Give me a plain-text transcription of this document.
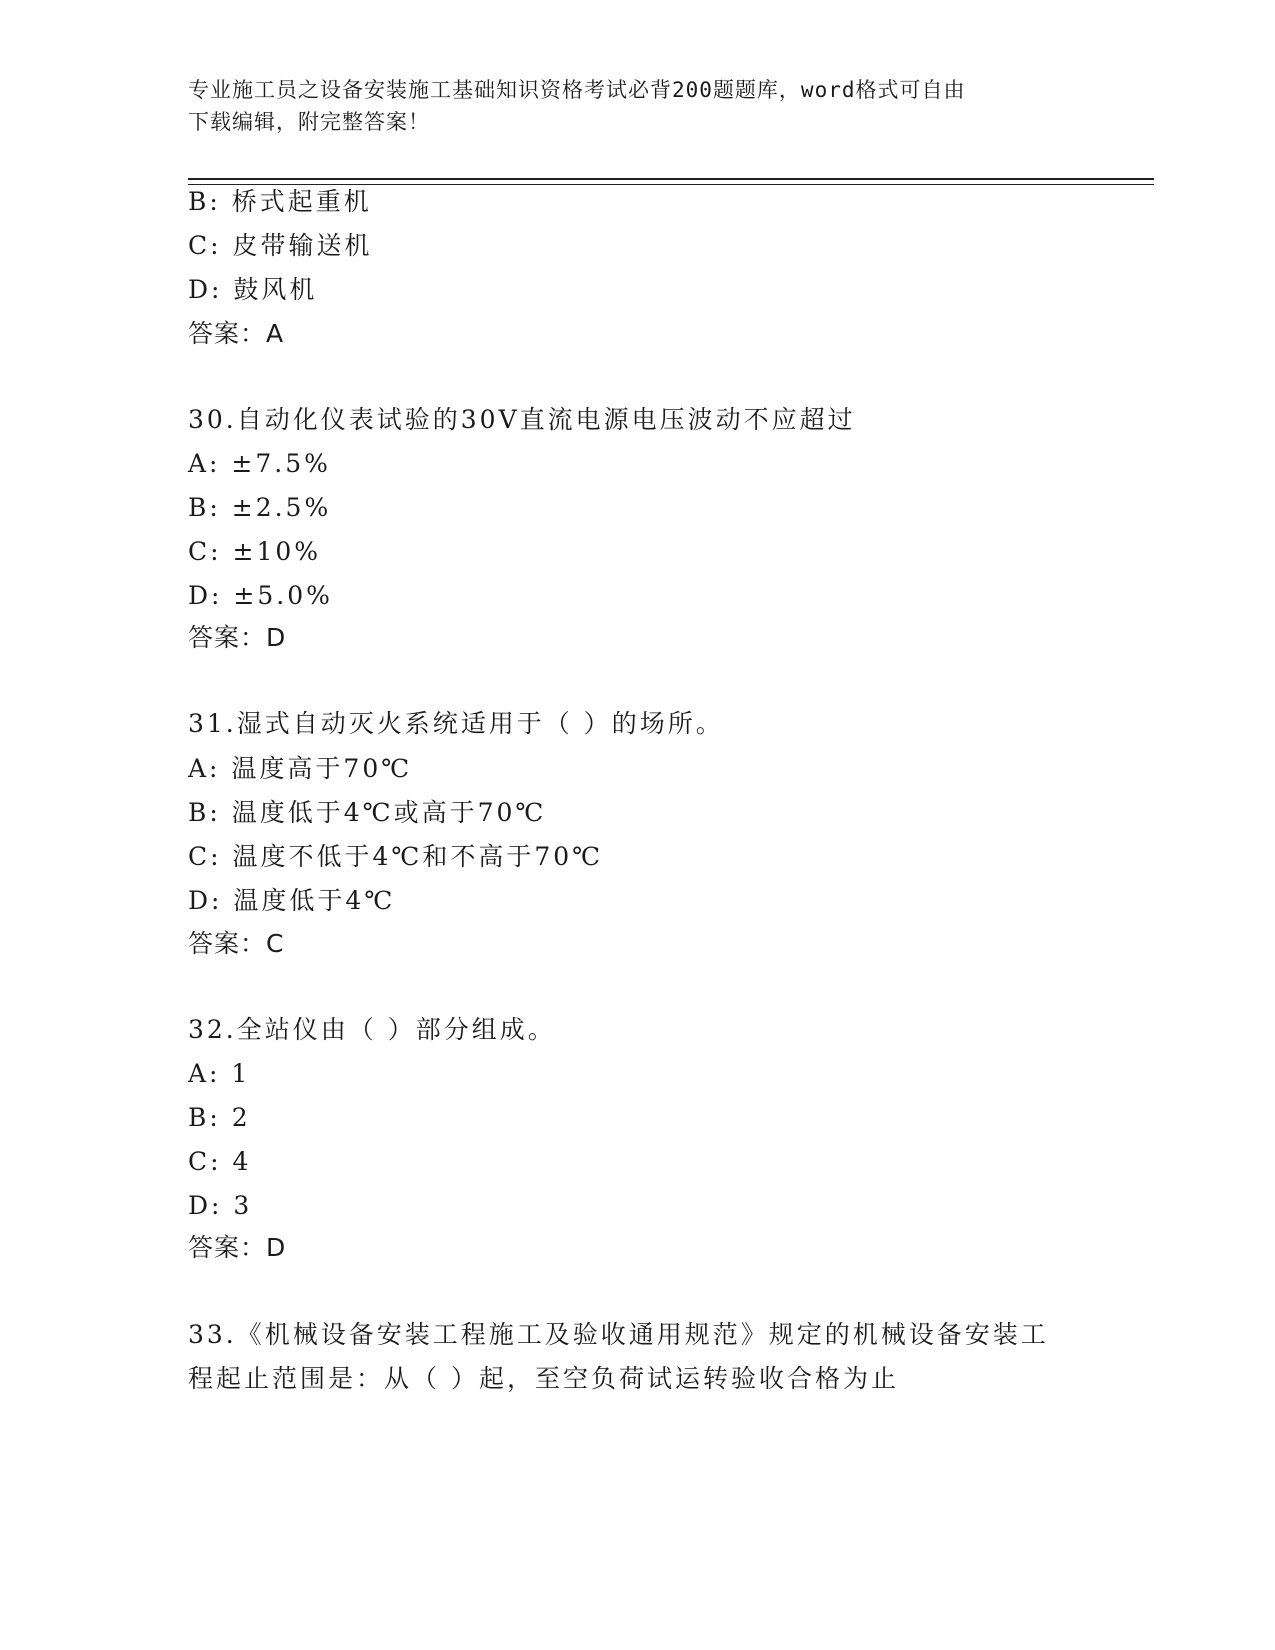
专业施工员之设备安装施工基础知识资格考试必背200题题库，word格式可自由
下载编辑，附完整答案！
B: 桥式起重机
C: 皮带输送机
D: 鼓风机
答案：A
30.自动化仪表试验的30V直流电源电压波动不应超过
A: ±7.5%
B: ±2.5%
C: ±10%
D: ±5.0%
答案：D
31.湿式自动灭火系统适用于（ ）的场所。
A: 温度高于70℃
B: 温度低于4℃或高于70℃
C: 温度不低于4℃和不高于70℃
D: 温度低于4℃
答案：C
32.全站仪由（ ）部分组成。
A: 1
B: 2
C: 4
D: 3
答案：D
33.《机械设备安装工程施工及验收通用规范》规定的机械设备安装工
程起止范围是：从（ ）起，至空负荷试运转验收合格为止
